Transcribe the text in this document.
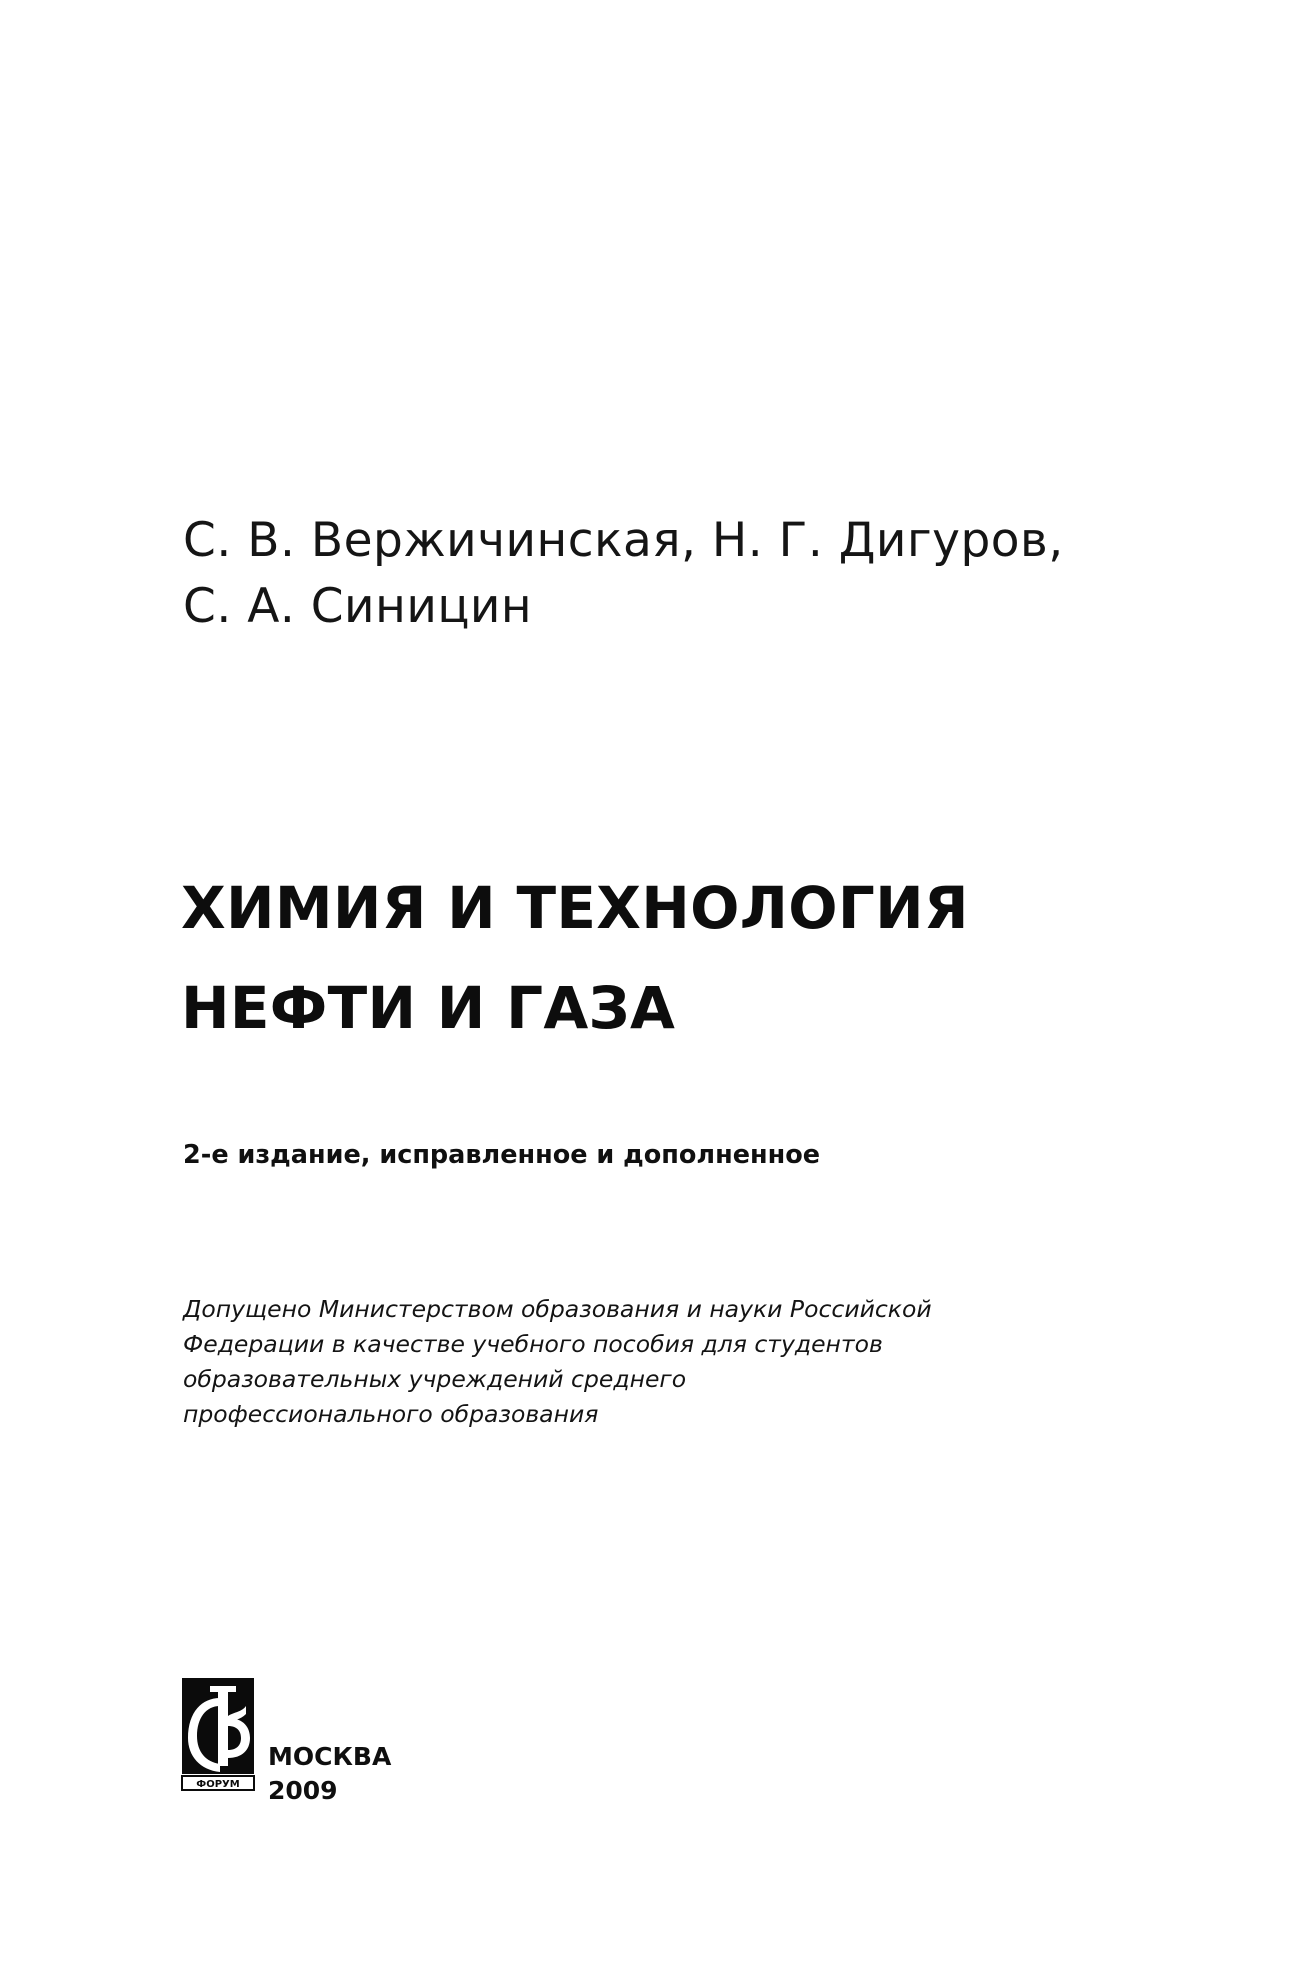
С. В. Вержичинская, Н. Г. Дигуров,
С. А. Синицин
ХИМИЯ И ТЕХНОЛОГИЯ
НЕФТИ И ГАЗА
2-е издание, исправленное и дополненное
Допущено Министерством образования и науки Российской
Федерации в качестве учебного пособия для студентов
образовательных учреждений среднего
профессионального образования
ФОРУМ
МОСКВА
2009
